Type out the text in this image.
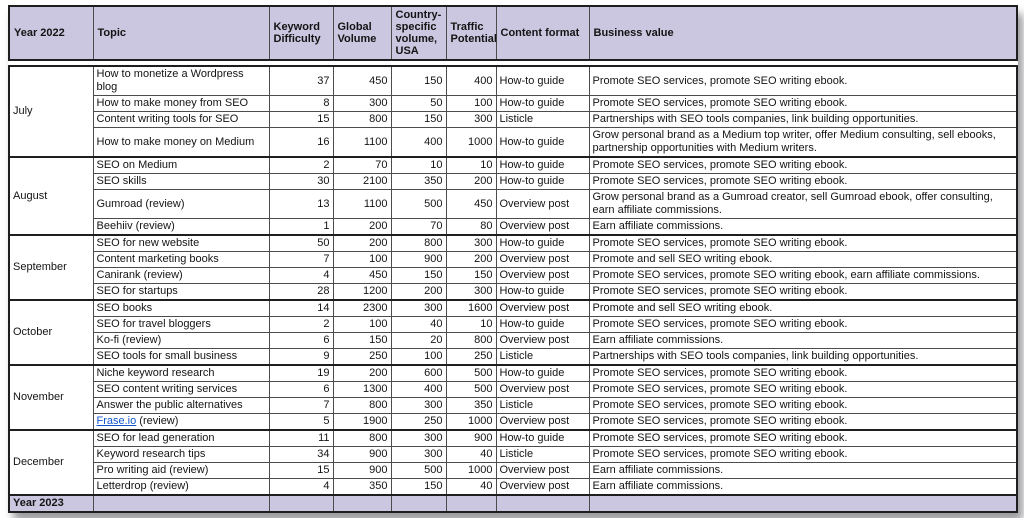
Year 2022	Topic	Keyword Difficulty	Global Volume	Country-specific volume, USA	Traffic Potential	Content format	Business value
July	How to monetize a Wordpress blog	37	450	150	400	How-to guide	Promote SEO services, promote SEO writing ebook.
	How to make money from SEO	8	300	50	100	How-to guide	Promote SEO services, promote SEO writing ebook.
	Content writing tools for SEO	15	800	150	300	Listicle	Partnerships with SEO tools companies, link building opportunities.
	How to make money on Medium	16	1100	400	1000	How-to guide	Grow personal brand as a Medium top writer, offer Medium consulting, sell ebooks, partnership opportunities with Medium writers.
August	SEO on Medium	2	70	10	10	How-to guide	Promote SEO services, promote SEO writing ebook.
	SEO skills	30	2100	350	200	How-to guide	Promote SEO services, promote SEO writing ebook.
	Gumroad (review)	13	1100	500	450	Overview post	Grow personal brand as a Gumroad creator, sell Gumroad ebook, offer consulting, earn affiliate commissions.
	Beehiiv (review)	1	200	70	80	Overview post	Earn affiliate commissions.
September	SEO for new website	50	200	800	300	How-to guide	Promote SEO services, promote SEO writing ebook.
	Content marketing books	7	100	900	200	Overview post	Promote and sell SEO writing ebook.
	Canirank (review)	4	450	150	150	Overview post	Promote SEO services, promote SEO writing ebook, earn affiliate commissions.
	SEO for startups	28	1200	200	300	How-to guide	Promote SEO services, promote SEO writing ebook.
October	SEO books	14	2300	300	1600	Overview post	Promote and sell SEO writing ebook.
	SEO for travel bloggers	2	100	40	10	How-to guide	Promote SEO services, promote SEO writing ebook.
	Ko-fi (review)	6	150	20	800	Overview post	Earn affiliate commissions.
	SEO tools for small business	9	250	100	250	Listicle	Partnerships with SEO tools companies, link building opportunities.
November	Niche keyword research	19	200	600	500	How-to guide	Promote SEO services, promote SEO writing ebook.
	SEO content writing services	6	1300	400	500	Overview post	Promote SEO services, promote SEO writing ebook.
	Answer the public alternatives	7	800	300	350	Listicle	Promote SEO services, promote SEO writing ebook.
	Frase.io (review)	5	1900	250	1000	Overview post	Promote SEO services, promote SEO writing ebook.
December	SEO for lead generation	11	800	300	900	How-to guide	Promote SEO services, promote SEO writing ebook.
	Keyword research tips	34	900	300	40	Listicle	Promote SEO services, promote SEO writing ebook.
	Pro writing aid (review)	15	900	500	1000	Overview post	Earn affiliate commissions.
	Letterdrop (review)	4	350	150	40	Overview post	Earn affiliate commissions.
Year 2023							
